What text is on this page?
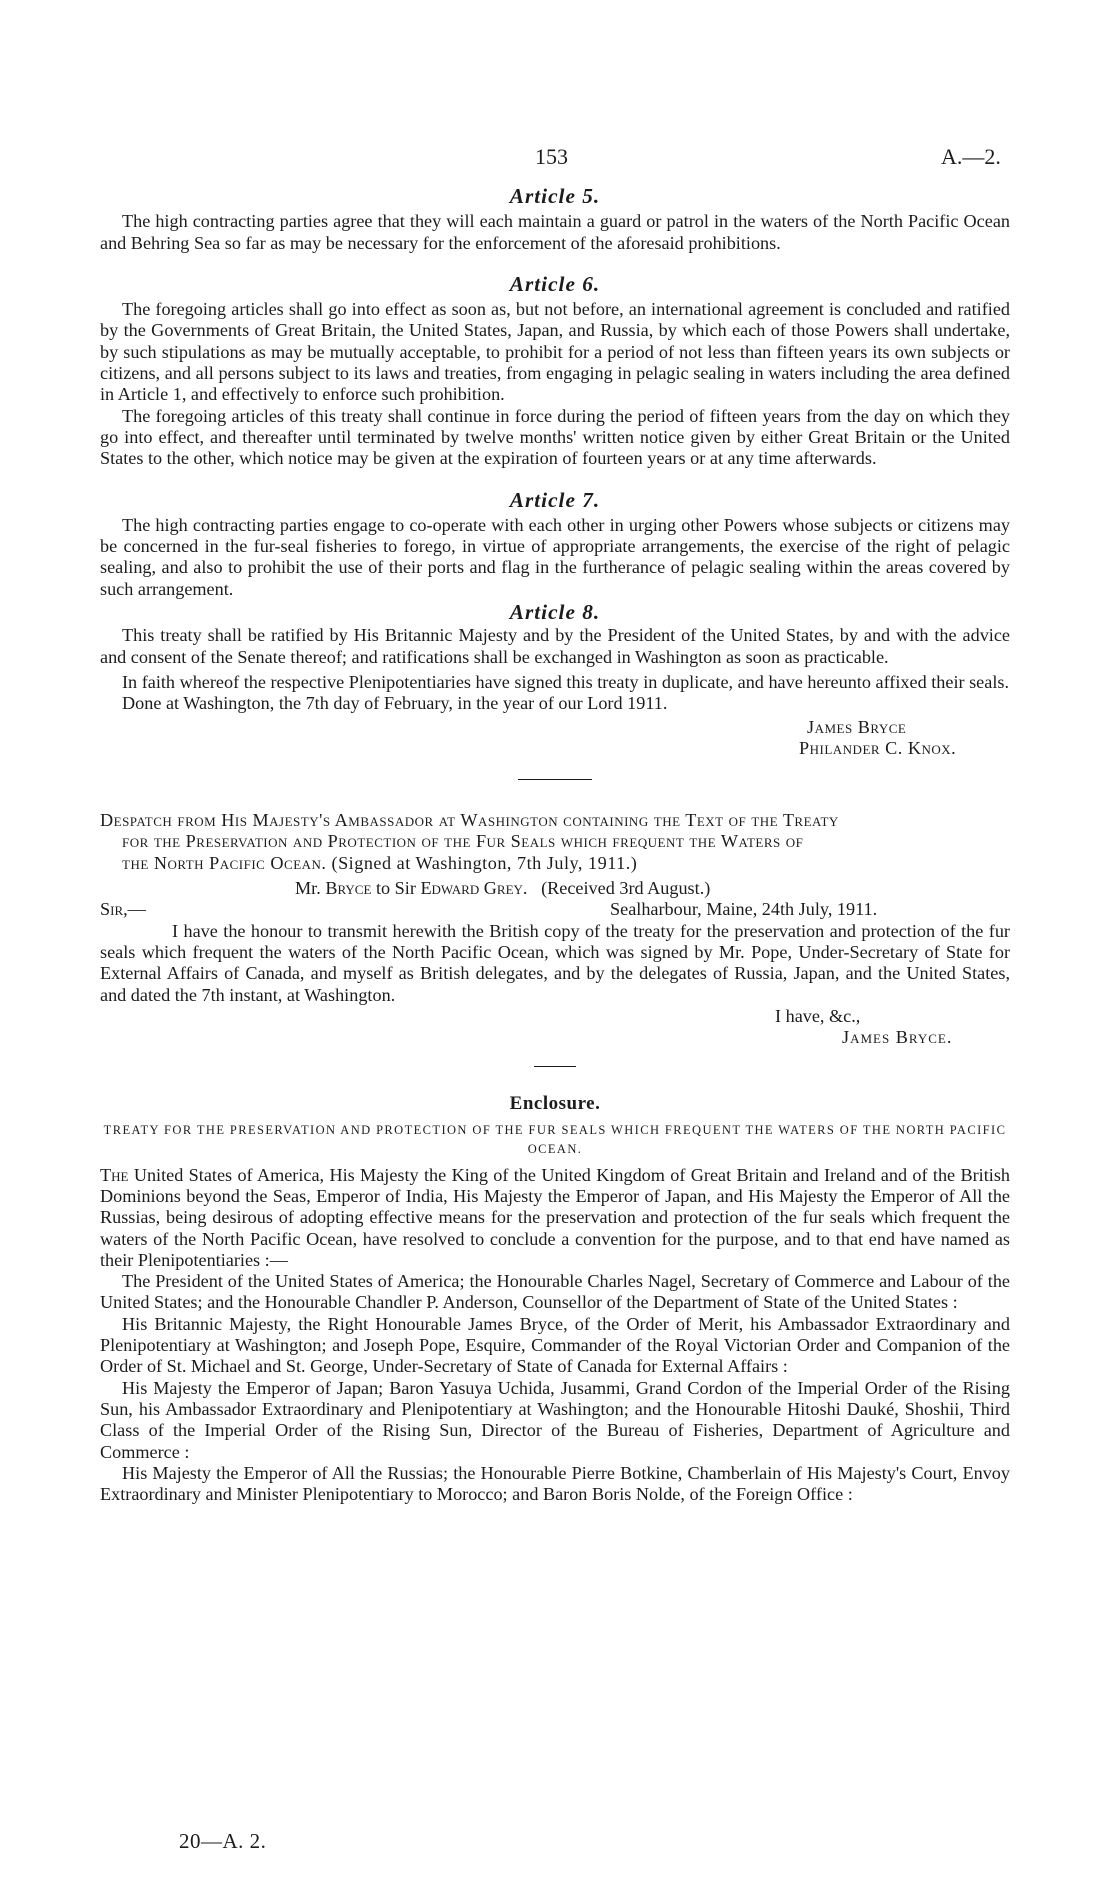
153	A.—2.
Article 5.

The high contracting parties agree that they will each maintain a guard or patrol in the waters of the North Pacific Ocean and Behring Sea so far as may be necessary for the enforcement of the aforesaid prohibitions.

Article 6.

The foregoing articles shall go into effect as soon as, but not before, an international agreement is concluded and ratified by the Governments of Great Britain, the United States, Japan, and Russia, by which each of those Powers shall undertake, by such stipulations as may be mutually acceptable, to prohibit for a period of not less than fifteen years its own subjects or citizens, and all persons subject to its laws and treaties, from engaging in pelagic sealing in waters including the area defined in Article 1, and effectively to enforce such prohibition.

The foregoing articles of this treaty shall continue in force during the period of fifteen years from the day on which they go into effect, and thereafter until terminated by twelve months' written notice given by either Great Britain or the United States to the other, which notice may be given at the expiration of fourteen years or at any time afterwards.

Article 7.

The high contracting parties engage to co-operate with each other in urging other Powers whose subjects or citizens may be concerned in the fur-seal fisheries to forego, in virtue of appropriate arrangements, the exercise of the right of pelagic sealing, and also to prohibit the use of their ports and flag in the furtherance of pelagic sealing within the areas covered by such arrangement.

Article 8.

This treaty shall be ratified by His Britannic Majesty and by the President of the United States, by and with the advice and consent of the Senate thereof; and ratifications shall be exchanged in Washington as soon as practicable.

In faith whereof the respective Plenipotentiaries have signed this treaty in duplicate, and have hereunto affixed their seals.

Done at Washington, the 7th day of February, in the year of our Lord 1911.

James Bryce
Philander C. Knox.

Despatch from His Majesty's Ambassador at Washington containing the Text of the Treaty
for the Preservation and Protection of the Fur Seals which frequent the Waters of
the North Pacific Ocean. (Signed at Washington, 7th July, 1911.)

Mr. Bryce to Sir Edward Grey. (Received 3rd August.)
Sir,—	Sealharbour, Maine, 24th July, 1911.

I have the honour to transmit herewith the British copy of the treaty for the preservation and protection of the fur seals which frequent the waters of the North Pacific Ocean, which was signed by Mr. Pope, Under-Secretary of State for External Affairs of Canada, and myself as British delegates, and by the delegates of Russia, Japan, and the United States, and dated the 7th instant, at Washington.

I have, &c.,
James Bryce.
Enclosure.
TREATY FOR THE PRESERVATION AND PROTECTION OF THE FUR SEALS WHICH FREQUENT THE WATERS OF THE NORTH PACIFIC OCEAN.

The United States of America, His Majesty the King of the United Kingdom of Great Britain and Ireland and of the British Dominions beyond the Seas, Emperor of India, His Majesty the Emperor of Japan, and His Majesty the Emperor of All the Russias, being desirous of adopting effective means for the preservation and protection of the fur seals which frequent the waters of the North Pacific Ocean, have resolved to conclude a convention for the purpose, and to that end have named as their Plenipotentiaries :—

The President of the United States of America; the Honourable Charles Nagel, Secretary of Commerce and Labour of the United States; and the Honourable Chandler P. Anderson, Counsellor of the Department of State of the United States :

His Britannic Majesty, the Right Honourable James Bryce, of the Order of Merit, his Ambassador Extraordinary and Plenipotentiary at Washington; and Joseph Pope, Esquire, Commander of the Royal Victorian Order and Companion of the Order of St. Michael and St. George, Under-Secretary of State of Canada for External Affairs :

His Majesty the Emperor of Japan; Baron Yasuya Uchida, Jusammi, Grand Cordon of the Imperial Order of the Rising Sun, his Ambassador Extraordinary and Plenipotentiary at Washington; and the Honourable Hitoshi Dauké, Shoshii, Third Class of the Imperial Order of the Rising Sun, Director of the Bureau of Fisheries, Department of Agriculture and Commerce :

His Majesty the Emperor of All the Russias; the Honourable Pierre Botkine, Chamberlain of His Majesty's Court, Envoy Extraordinary and Minister Plenipotentiary to Morocco; and Baron Boris Nolde, of the Foreign Office :

20—A. 2.
